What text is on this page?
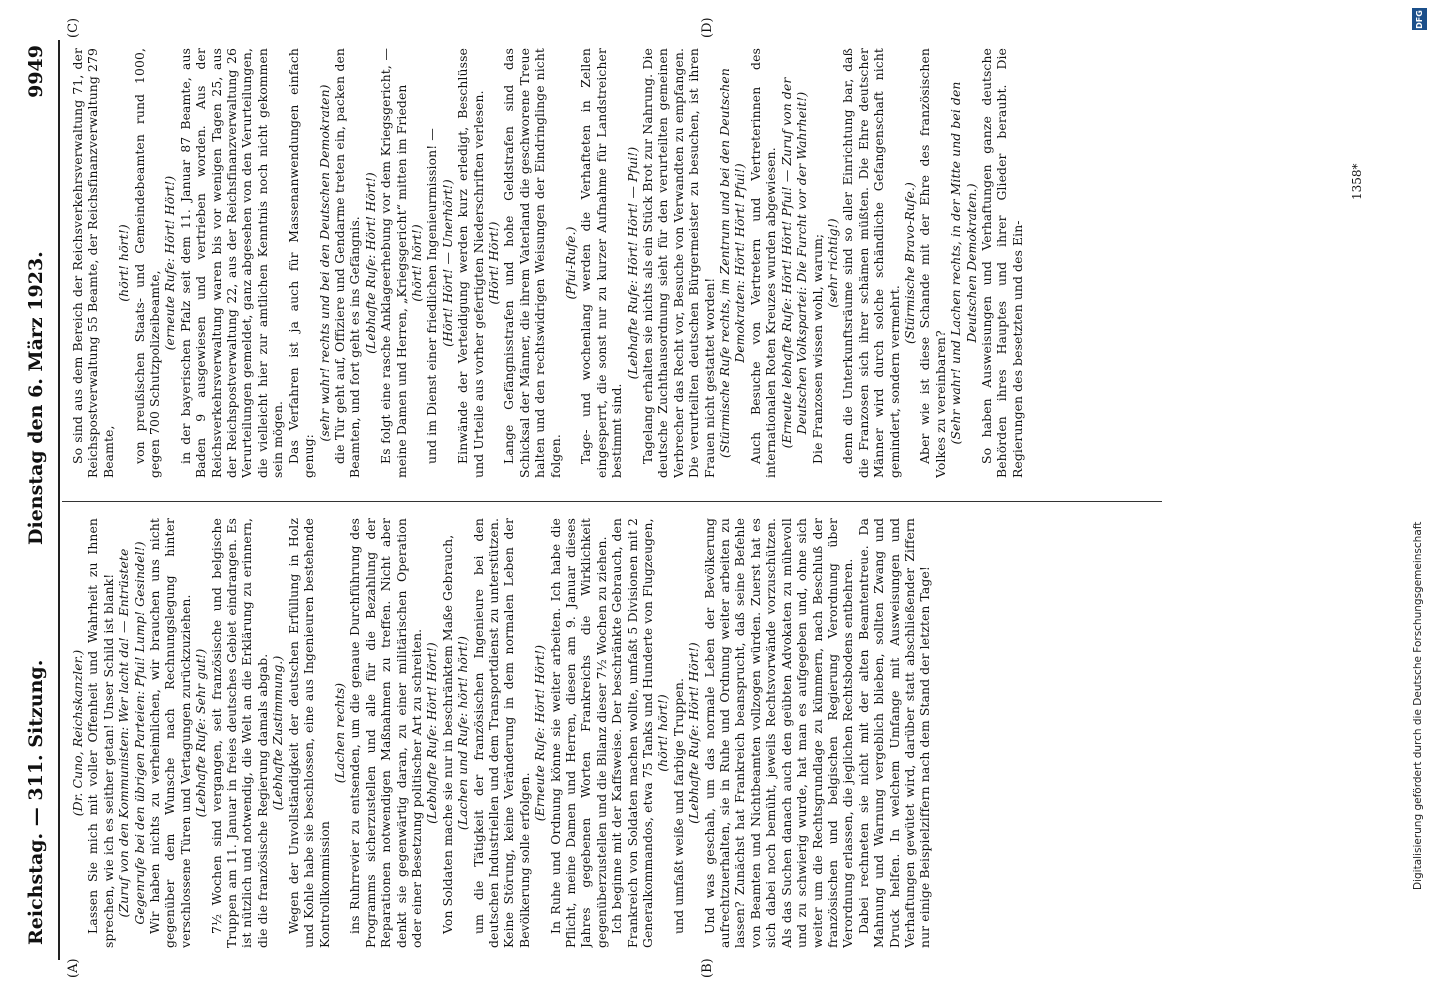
Reichstag. — 311. Sitzung.
Dienstag den 6. März 1923.
9949
(A)	(B)
(C)	(D)

(Dr. Cuno, Reichskanzler.) Lassen Sie mich mit voller Offenheit und Wahrheit zu Ihnen sprechen, wie ich es seither getan! Unser Schild ist blank! (Zuruf von den Kommunisten: Wer lacht da! — Entrüstete Gegenrufe bei den übrigen Parteien: Pfui! Lump! Gesindel!) Wir haben nichts zu verheimlichen, wir brauchen uns nicht gegenüber dem Wunsche nach Rechnungslegung hinter verschlossene Türen und Vertagungen zurückzuziehen. (Lebhafte Rufe: Sehr gut!) 7½ Wochen sind vergangen, seit französische und belgische Truppen am 11. Januar in freies deutsches Gebiet eindrangen. Es ist nützlich und notwendig, die Welt an die Erklärung zu erinnern, die die französische Regierung damals abgab. (Lebhafte Zustimmung.) Wegen der Unvollständigkeit der deutschen Erfüllung in Holz und Kohle habe sie beschlossen, eine aus Ingenieuren bestehende Kontrollkommission

(Lachen rechts) ins Ruhrrevier zu entsenden, um die genaue Durchführung des Programms sicherzustellen und alle für die Bezahlung der Reparationen notwendigen Maßnahmen zu treffen. Nicht aber denkt sie gegenwärtig daran, zu einer militärischen Operation oder einer Besetzung politischer Art zu schreiten. (Lebhafte Rufe: Hört! Hört!) Von Soldaten mache sie nur in beschränktem Maße Gebrauch, (Lachen und Rufe: hört! hört!) um die Tätigkeit der französischen Ingenieure bei den deutschen Industriellen und dem Transportdienst zu unterstützen. Keine Störung, keine Veränderung in dem normalen Leben der Bevölkerung solle erfolgen.

(Erneute Rufe: Hört! Hört!) In Ruhe und Ordnung könne sie weiter arbeiten. Ich habe die Pflicht, meine Damen und Herren, diesen am 9. Januar dieses Jahres gegebenen Worten Frankreichs die Wirklichkeit gegenüberzustellen und die Bilanz dieser 7½ Wochen zu ziehen. Ich beginne mit der Kaffsweise. Der beschränkte Gebrauch, den Frankreich von Soldaten machen wollte, umfaßt 5 Divisionen mit 2 Generalkommandos, etwa 75 Tanks und Hunderte von Flugzeugen, (hört! hört!) und umfaßt weiße und farbige Truppen. (Lebhafte Rufe: Hört! Hört!) Und was geschah, um das normale Leben der Bevölkerung aufrechtzuerhalten, sie in Ruhe und Ordnung weiter arbeiten zu lassen? Zunächst hat Frankreich beansprucht, daß seine Befehle von Beamten und Nichtbeamten vollzogen würden. Zuerst hat es sich dabei noch bemüht, jeweils Rechtsvorwände vorzuschützen. Als das Suchen danach auch den geübten Advokaten zu mühevoll und zu schwierig wurde, hat man es aufgegeben und, ohne sich weiter um die Rechtsgrundlage zu kümmern, nach Beschluß der französischen und belgischen Regierung Verordnung über Verordnung erlassen, die jeglichen Rechtsbodens entbehren. Dabei rechneten sie nicht mit der alten Beamtentreue. Da Mahnung und Warnung vergeblich blieben, sollten Zwang und Druck helfen. In welchem Umfange mit Ausweisungen und Verhaftungen gewütet wird, darüber statt abschließender Ziffern nur einige Beispielziffern nach dem Stand der letzten Tage!

So sind aus dem Bereich der Reichsverkehrsverwaltung 71, der Reichspostverwaltung 55 Beamte, der Reichsfinanzverwaltung 279 Beamte,

(hört! hört!) von preußischen Staats- und Gemeindebeamten rund 1000, gegen 700 Schutzpolizeibeamte,

(erneute Rufe: Hört! Hört!) in der bayerischen Pfalz seit dem 11. Januar 87 Beamte, aus Baden 9 ausgewiesen und vertrieben worden. Aus der Reichsverkehrsverwaltung waren bis vor wenigen Tagen 25, aus der Reichspostverwaltung 22, aus der Reichsfinanzverwaltung 26 Verurteilungen gemeldet, ganz abgesehen von den Verurteilungen, die vielleicht hier zur amtlichen Kenntnis noch nicht gekommen sein mögen. Das Verfahren ist ja auch für Massenanwendungen einfach genug:

(sehr wahr! rechts und bei den Deutschen Demokraten) die Tür geht auf, Offiziere und Gendarme treten ein, packen den Beamten, und fort geht es ins Gefängnis. (Lebhafte Rufe: Hört! Hört!) Es folgt eine rasche Anklageerhebung vor dem Kriegsgericht, — meine Damen und Herren, „Kriegsgericht“ mitten im Frieden (hört! hört!) und im Dienst einer friedlichen Ingenieurmission! — (Hört! Hört! — Unerhört!) Einwände der Verteidigung werden kurz erledigt, Beschlüsse und Urteile aus vorher gefertigten Niederschriften verlesen. (Hört! Hört!) Lange Gefängnisstrafen und hohe Geldstrafen sind das Schicksal der Männer, die ihrem Vaterland die geschworene Treue halten und den rechtswidrigen Weisungen der Eindringlinge nicht folgen.

(Pfui-Rufe.) Tage- und wochenlang werden die Verhafteten in Zellen eingesperrt, die sonst nur zu kurzer Aufnahme für Landstreicher bestimmt sind.

(Lebhafte Rufe: Hört! Hört! — Pfui!) Tagelang erhalten sie nichts als ein Stück Brot zur Nahrung. Die deutsche Zuchthausordnung sieht für den verurteilten gemeinen Verbrecher das Recht vor, Besuche von Verwandten zu empfangen. Die verurteilten deutschen Bürgermeister zu besuchen, ist ihren Frauen nicht gestattet worden! (Stürmische Rufe rechts, im Zentrum und bei den Deutschen Demokraten: Hört! Hört! Pfui!) Auch Besuche von Vertretern und Vertreterinnen des internationalen Roten Kreuzes wurden abgewiesen. (Erneute lebhafte Rufe: Hört! Hört! Pfui! — Zuruf von der Deutschen Volkspartei: Die Furcht vor der Wahrheit!) Die Franzosen wissen wohl, warum; (sehr richtig!) denn die Unterkunftsräume sind so aller Einrichtung bar, daß die Franzosen sich ihrer schämen müßten. Die Ehre deutscher Männer wird durch solche schändliche Gefangenschaft nicht gemindert, sondern vermehrt.

(Stürmische Bravo-Rufe.) Aber wie ist diese Schande mit der Ehre des französischen Volkes zu vereinbaren? (Sehr wahr! und Lachen rechts, in der Mitte und bei den Deutschen Demokraten.) So haben Ausweisungen und Verhaftungen ganze deutsche Behörden ihres Hauptes und ihrer Glieder beraubt. Die Regierungen des besetzten und des Ein-

1358*
DFG
Digitalisierung gefördert durch die Deutsche Forschungsgemeinschaft
